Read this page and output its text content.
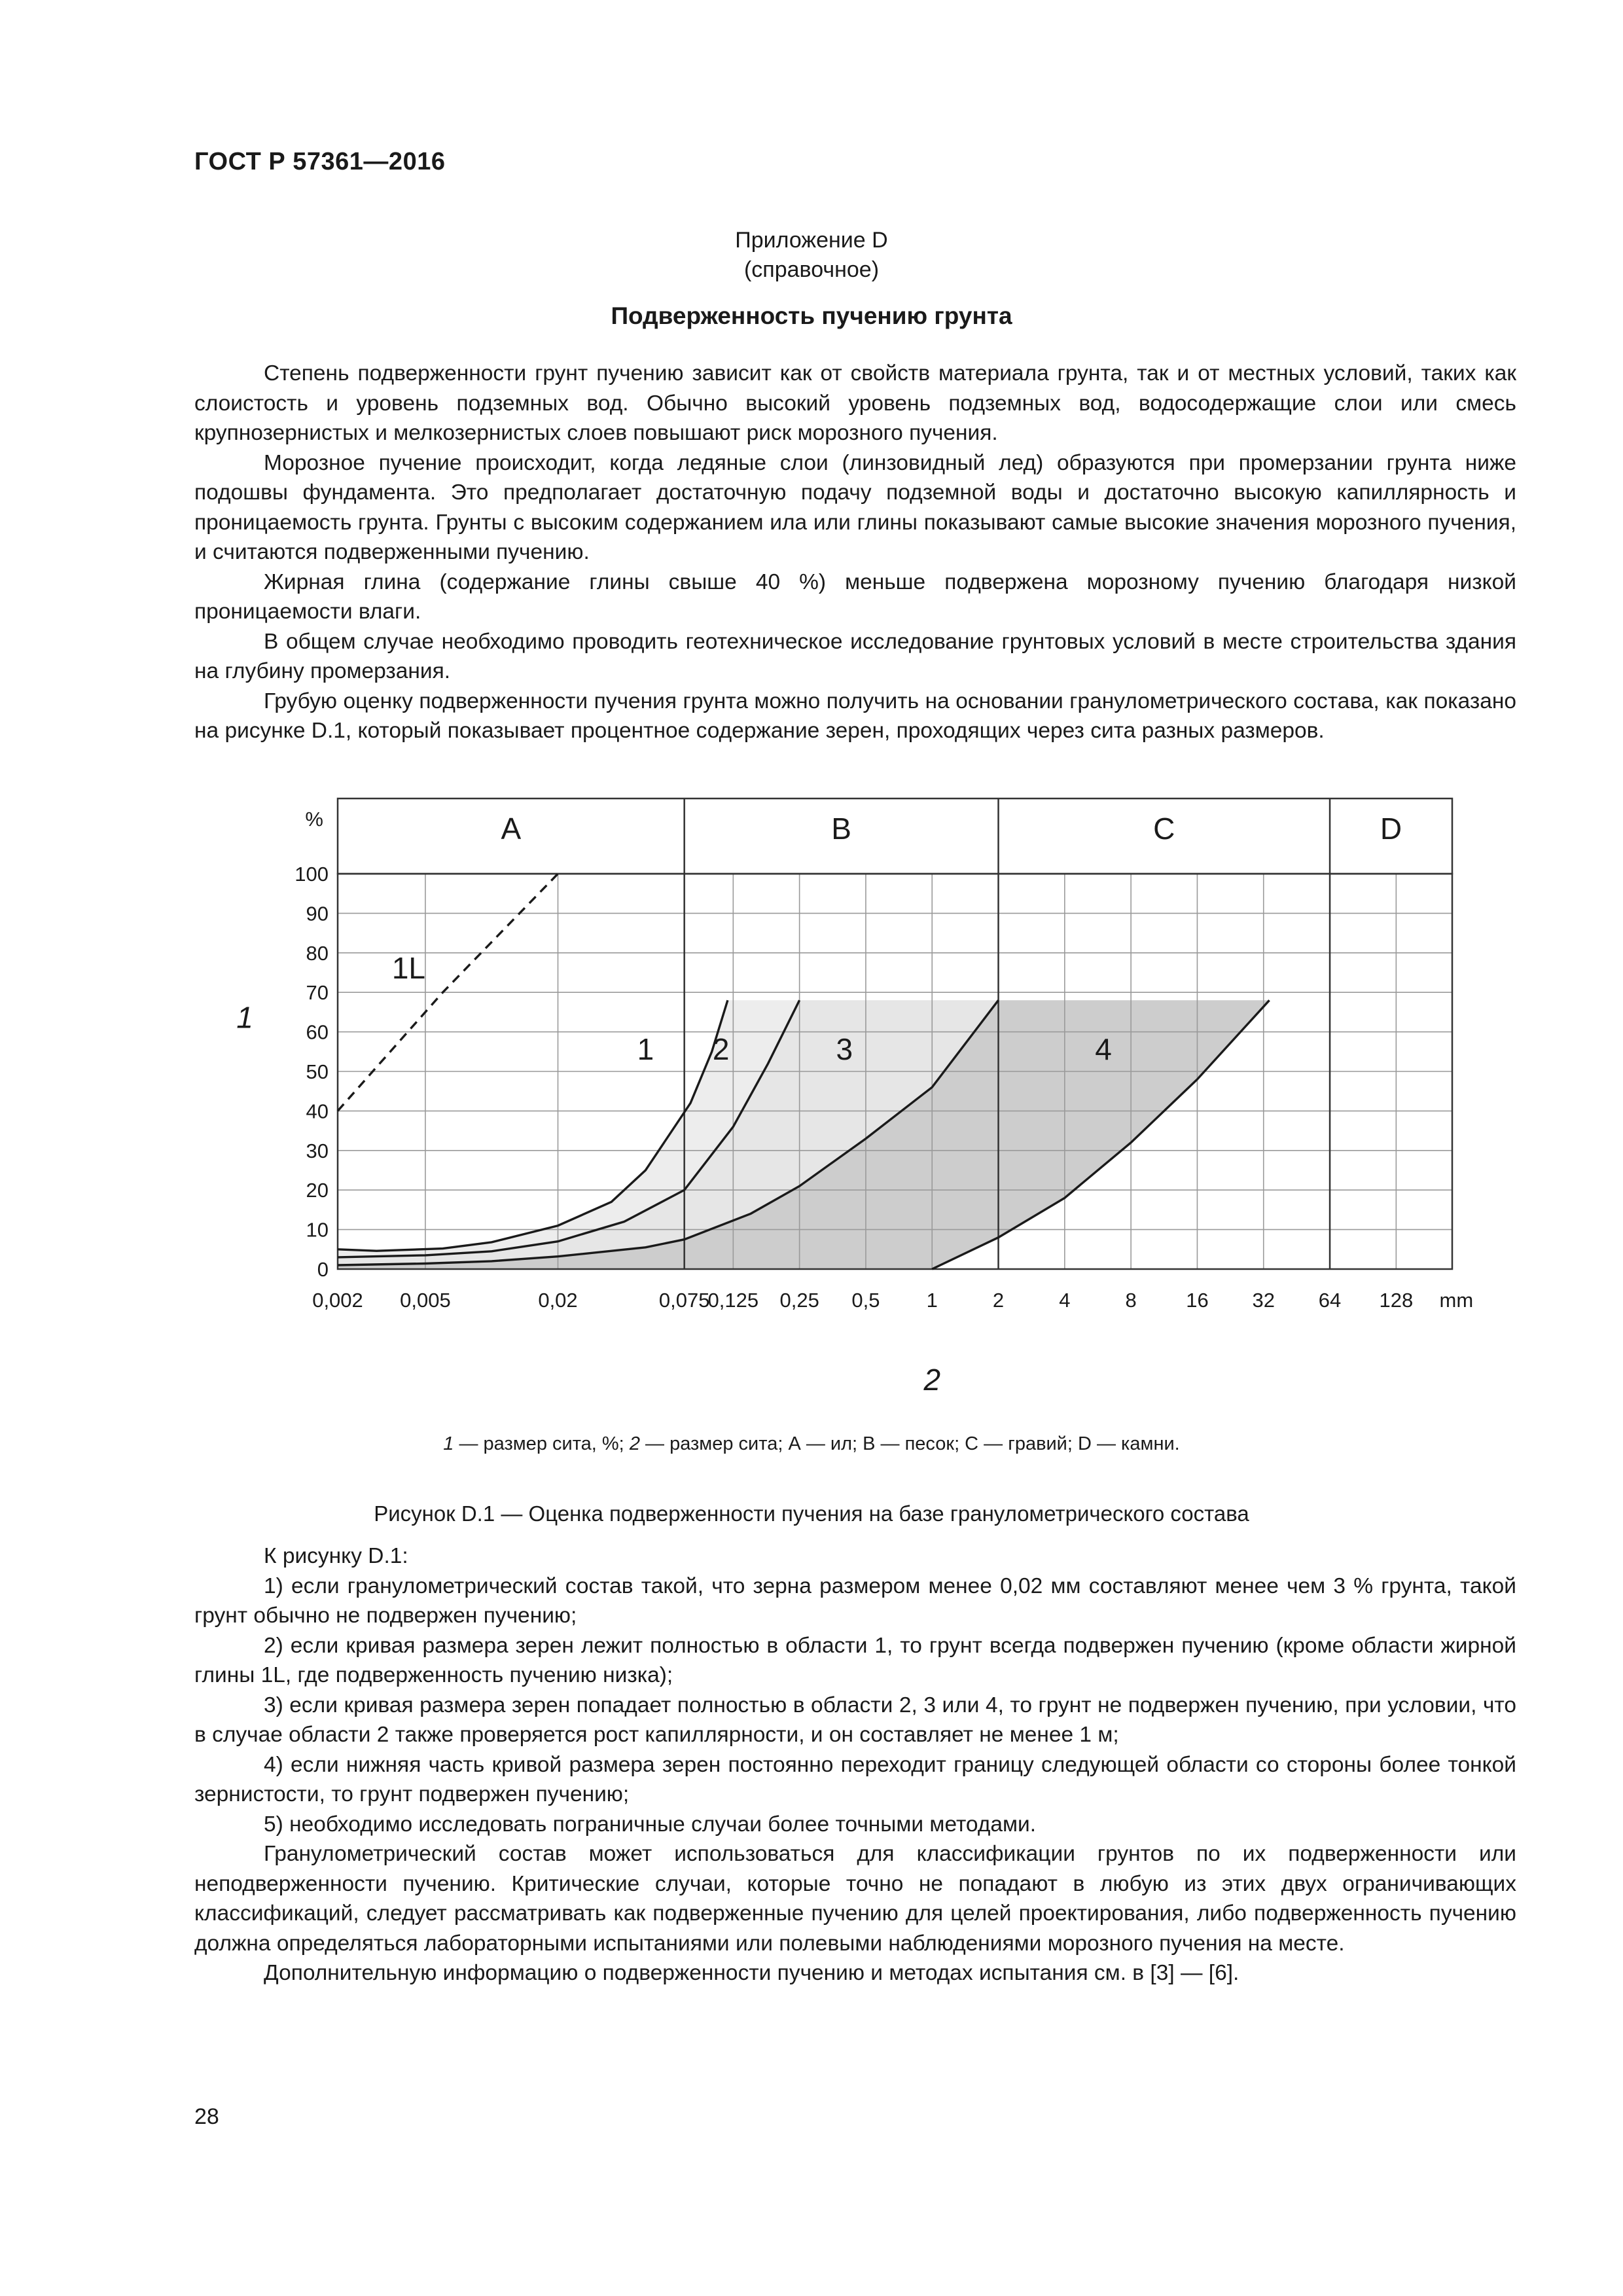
ГОСТ Р 57361—2016
Приложение D
(справочное)
Подверженность пучению грунта

Степень подверженности грунт пучению зависит как от свойств материала грунта, так и от местных условий, таких как слоистость и уровень подземных вод. Обычно высокий уровень подземных вод, водосодержащие слои или смесь крупнозернистых и мелкозернистых слоев повышают риск морозного пучения.

Морозное пучение происходит, когда ледяные слои (линзовидный лед) образуются при промерзании грунта ниже подошвы фундамента. Это предполагает достаточную подачу подземной воды и достаточно высокую капиллярность и проницаемость грунта. Грунты с высоким содержанием ила или глины показывают самые высокие значения морозного пучения, и считаются подверженными пучению.

Жирная глина (содержание глины свыше 40 %) меньше подвержена морозному пучению благодаря низкой проницаемости влаги.

В общем случае необходимо проводить геотехническое исследование грунтовых условий в месте строительства здания на глубину промерзания.

Грубую оценку подверженности пучения грунта можно получить на основании гранулометрического состава, как показано на рисунке D.1, который показывает процентное содержание зерен, проходящих через сита разных размеров.

0
10
20
30
40
50
60
70
80
90
100
0,002 0,005	0,02	0,075
0,125 0,25 0,5 1	2	4	8 16 32 64 128 mm
A	B	C	D
%
1L
1 2	3	4
1
2
1 — размер сита, %; 2 — размер сита; А — ил; В — песок; С — гравий; D — камни.
Рисунок D.1 — Оценка подверженности пучения на базе гранулометрического состава

К рисунку D.1:

1) если гранулометрический состав такой, что зерна размером менее 0,02 мм составляют менее чем 3 % грунта, такой грунт обычно не подвержен пучению;

2) если кривая размера зерен лежит полностью в области 1, то грунт всегда подвержен пучению (кроме области жирной глины 1L, где подверженность пучению низка);

3) если кривая размера зерен попадает полностью в области 2, 3 или 4, то грунт не подвержен пучению, при условии, что в случае области 2 также проверяется рост капиллярности, и он составляет не менее 1 м;

4) если нижняя часть кривой размера зерен постоянно переходит границу следующей области со стороны более тонкой зернистости, то грунт подвержен пучению;

5) необходимо исследовать пограничные случаи более точными методами.

Гранулометрический состав может использоваться для классификации грунтов по их подверженности или неподверженности пучению. Критические случаи, которые точно не попадают в любую из этих двух ограничивающих классификаций, следует рассматривать как подверженные пучению для целей проектирования, либо подверженность пучению должна определяться лабораторными испытаниями или полевыми наблюдениями морозного пучения на месте.

Дополнительную информацию о подверженности пучению и методах испытания см. в [3] — [6].

28
